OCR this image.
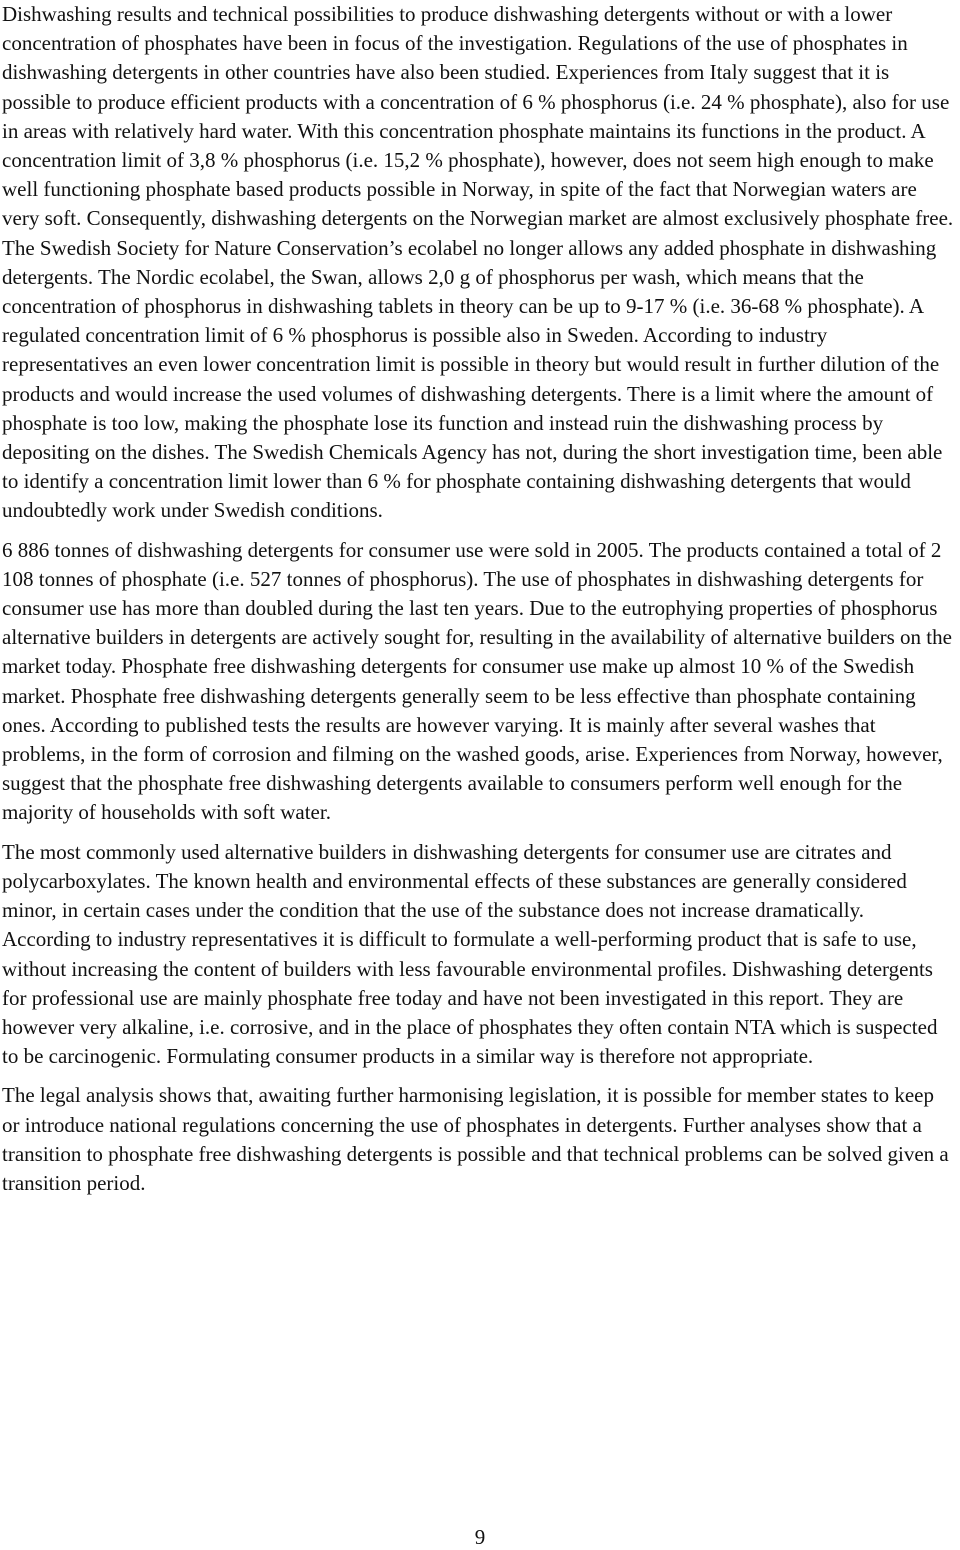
Dishwashing results and technical possibilities to produce dishwashing detergents without or with a lower concentration of phosphates have been in focus of the investigation. Regulations of the use of phosphates in dishwashing detergents in other countries have also been studied. Experiences from Italy suggest that it is possible to produce efficient products with a concentration of 6 % phosphorus (i.e. 24 % phosphate), also for use in areas with relatively hard water. With this concentration phosphate maintains its functions in the product. A concentration limit of 3,8 % phosphorus (i.e. 15,2 % phosphate), however, does not seem high enough to make well functioning phosphate based products possible in Norway, in spite of the fact that Norwegian waters are very soft. Consequently, dishwashing detergents on the Norwegian market are almost exclusively phosphate free. The Swedish Society for Nature Conservation’s ecolabel no longer allows any added phosphate in dishwashing detergents. The Nordic ecolabel, the Swan, allows 2,0 g of phosphorus per wash, which means that the concentration of phosphorus in dishwashing tablets in theory can be up to 9-17 % (i.e. 36-68 % phosphate). A regulated concentration limit of 6 % phosphorus is possible also in Sweden. According to industry representatives an even lower concentration limit is possible in theory but would result in further dilution of the products and would increase the used volumes of dishwashing detergents. There is a limit where the amount of phosphate is too low, making the phosphate lose its function and instead ruin the dishwashing process by depositing on the dishes. The Swedish Chemicals Agency has not, during the short investigation time, been able to identify a concentration limit lower than 6 % for phosphate containing dishwashing detergents that would undoubtedly work under Swedish conditions.

6 886 tonnes of dishwashing detergents for consumer use were sold in 2005. The products contained a total of 2 108 tonnes of phosphate (i.e. 527 tonnes of phosphorus). The use of phosphates in dishwashing detergents for consumer use has more than doubled during the last ten years. Due to the eutrophying properties of phosphorus alternative builders in detergents are actively sought for, resulting in the availability of alternative builders on the market today. Phosphate free dishwashing detergents for consumer use make up almost 10 % of the Swedish market. Phosphate free dishwashing detergents generally seem to be less effective than phosphate containing ones. According to published tests the results are however varying. It is mainly after several washes that problems, in the form of corrosion and filming on the washed goods, arise. Experiences from Norway, however, suggest that the phosphate free dishwashing detergents available to consumers perform well enough for the majority of households with soft water.

The most commonly used alternative builders in dishwashing detergents for consumer use are citrates and polycarboxylates. The known health and environmental effects of these substances are generally considered minor, in certain cases under the condition that the use of the substance does not increase dramatically. According to industry representatives it is difficult to formulate a well-performing product that is safe to use, without increasing the content of builders with less favourable environmental profiles. Dishwashing detergents for professional use are mainly phosphate free today and have not been investigated in this report. They are however very alkaline, i.e. corrosive, and in the place of phosphates they often contain NTA which is suspected to be carcinogenic. Formulating consumer products in a similar way is therefore not appropriate.

The legal analysis shows that, awaiting further harmonising legislation, it is possible for member states to keep or introduce national regulations concerning the use of phosphates in detergents. Further analyses show that a transition to phosphate free dishwashing detergents is possible and that technical problems can be solved given a transition period.

9
